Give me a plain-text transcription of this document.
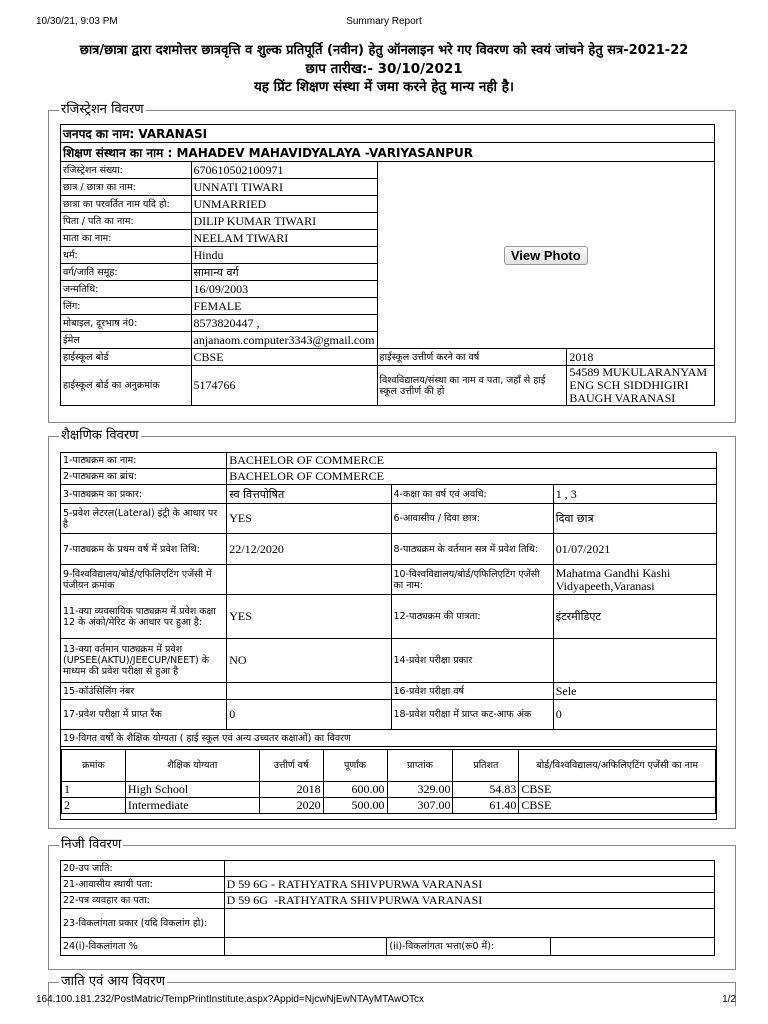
10/30/21, 9:03 PM	Summary Report
छात्र/छात्रा द्वारा दशमोत्तर छात्रवृत्ति व शुल्क प्रतिपूर्ति (नवीन) हेतु ऑनलाइन भरे गए विवरण को स्वयं जांचने हेतु सत्र-2021-22
छाप तारीख:- 30/10/2021
यह प्रिंट शिक्षण संस्था में जमा करने हेतु मान्य नही है।
रजिस्ट्रेशन विवरण
जनपद का नाम: VARANASI			
शिक्षण संस्थान का नाम : MAHADEV MAHAVIDYALAYA -VARIYASANPUR			
रजिस्ट्रेशन संख्या:	670610502100971	View Photo	
छात्र / छात्रा का नाम:	UNNATI TIWARI		
छात्रा का परवर्तित नाम यदि हो:	UNMARRIED		
पिता / पति का नाम:	DILIP KUMAR TIWARI		
माता का नाम:	NEELAM TIWARI		
धर्म:	Hindu		
वर्ग/जाति समूह:	सामान्य वर्ग		
जन्मतिथि:	16/09/2003		
लिंग:	FEMALE		
मोबाइल, दूरभाष नं0:	8573820447 ,		
ईमेल	anjanaom.computer3343@gmail.com		
हाईस्कूल बोर्ड	CBSE	हाईस्कूल उत्तीर्ण करने का वर्ष	2018
हाईस्कूल बोर्ड का अनुक्रमांक	5174766	विश्वविद्यालय/संस्था का नाम व पता, जहाँ से हाई स्कूल उत्तीर्ण की हो	54589 MUKULARANYAM ENG SCH SIDDHIGIRI BAUGH VARANASI
शैक्षणिक विवरण
1-पाठ्यक्रम का नाम:	BACHELOR OF COMMERCE
2-पाठ्यक्रम का ब्रांच:	BACHELOR OF COMMERCE
3-पाठ्यक्रम का प्रकार:	स्व वित्तपोषित	4-कक्षा का वर्ष एवं अवधि:	1 , 3
5-प्रवेश लेटरल(Lateral) इंट्री के आधार पर है	YES	6-आवासीय / दिवा छात्र:	दिवा छात्र
7-पाठ्यक्रम के प्रथम वर्ष में प्रवेश तिथि:	22/12/2020	8-पाठ्यक्रम के वर्तमान सत्र में प्रवेश तिथि:	01/07/2021
9-विश्वविद्यालय/बोर्ड/एफिलिएटिंग एजेंसी में पंजीयन क्रमांक		10-विश्वविद्यालय/बोर्ड/एफिलिएटिंग एजेंसी का नाम:	Mahatma Gandhi Kashi Vidyapeeth,Varanasi
11-क्या व्यवसायिक पाठ्यक्रम में प्रवेश कक्षा 12 के अंको/मेरिट के आधार पर हुआ है:	YES	12-पाठ्यक्रम की पात्रता:	इंटरमीडिएट
13-क्या वर्तमान पाठ्यक्रम में प्रवेश (UPSEE(AKTU)/JEECUP/NEET) के माध्यम की प्रवेश परीक्षा से हुआ है	NO	14-प्रवेश परीक्षा प्रकार	
15-कॉउंसिलिंग नंबर		16-प्रवेश परीक्षा वर्ष	Sele
17-प्रवेश परीक्षा में प्राप्त रैंक	0	18-प्रवेश परीक्षा में प्राप्त कट-आफ अंक	0
19-विगत वर्षों के शैक्षिक योग्यता ( हाई स्कूल एवं अन्य उच्चतर कक्षाओं) का विवरण

क्रमांक	शैक्षिक योग्यता	उत्तीर्ण वर्ष	पूर्णांक	प्राप्तांक	प्रतिशत	बोर्ड/विश्वविद्यालय/अफिलिएटिंग एजेंसी का नाम
1	High School	2018	600.00	329.00	54.83	CBSE
2	Intermediate	2020	500.00	307.00	61.40	CBSE
निजी विवरण
20-उप जाति:			
21-आवासीय स्थायी पता:	D 59 6G - RATHYATRA SHIVPURWA VARANASI		
22-पत्र व्यवहार का पता:	D 59 6G  -RATHYATRA SHIVPURWA VARANASI		
23-विकलांगता प्रकार (यदि विकलांग हो):			
24(i)-विकलांगता %		(ii)-विकलांगता भत्ता(रू0 में):	
जाति एवं आय विवरण
164.100.181.232/PostMatric/TempPrintInstitute.aspx?Appid=NjcwNjEwNTAyMTAwOTcx	1/2
